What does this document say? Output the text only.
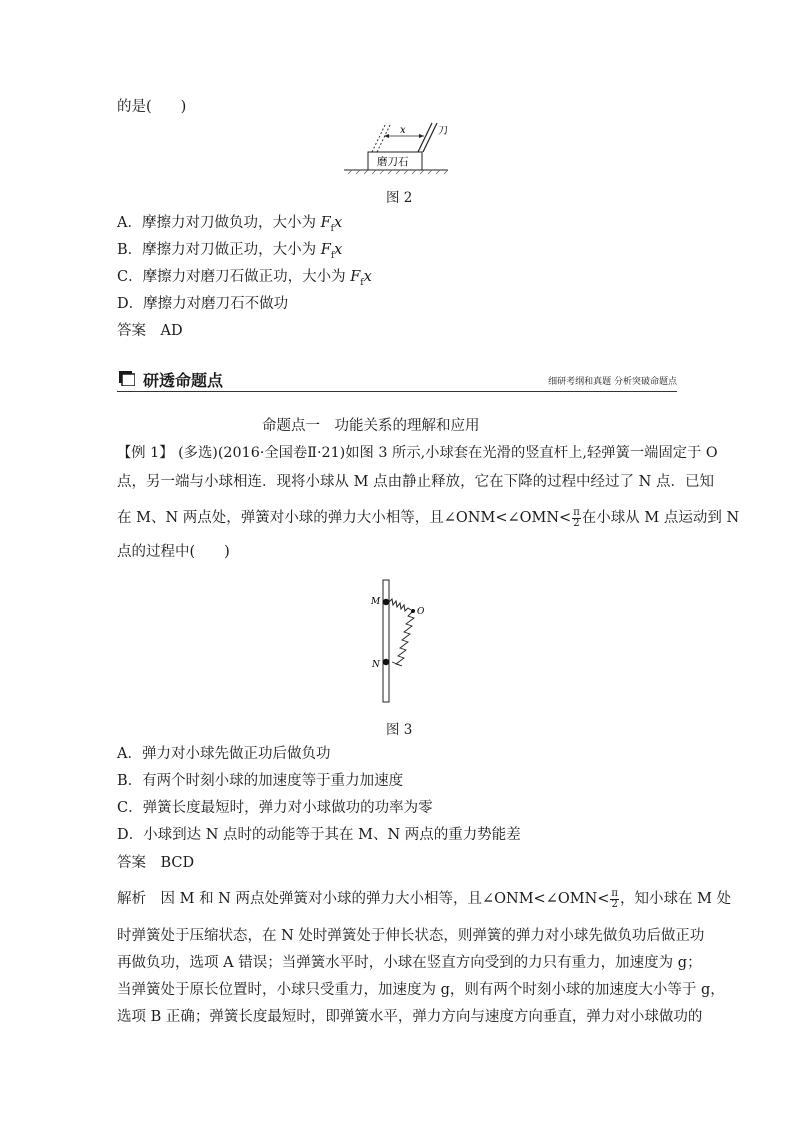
的是(　　)
x	刀
磨刀石
图 2
A．摩擦力对刀做负功，大小为 $F_fx$
B．摩擦力对刀做正功，大小为 $F_fx$
C．摩擦力对磨刀石做正功，大小为 $F_fx$
D．摩擦力对磨刀石不做功
答案　AD
研透命题点	细研考纲和真题 分析突破命题点
命题点一　功能关系的理解和应用
【例 1】 (多选)(2016·全国卷Ⅱ·21)如图 3 所示,小球套在光滑的竖直杆上,轻弹簧一端固定于 O
点，另一端与小球相连．现将小球从 M 点由静止释放，它在下降的过程中经过了 N 点．已知
在 M、N 两点处，弹簧对小球的弹力大小相等，且∠ONM<∠OMN< $\frac{\pi}{2}$ 在小球从 M 点运动到 N
点的过程中(　　)
M
O
N
图 3
A．弹力对小球先做正功后做负功
B．有两个时刻小球的加速度等于重力加速度
C．弹簧长度最短时，弹力对小球做功的功率为零
D．小球到达 N 点时的动能等于其在 M、N 两点的重力势能差
答案　BCD
解析　因 M 和 N 两点处弹簧对小球的弹力大小相等，且∠ONM<∠OMN< $\frac{\pi}{2}$ ，知小球在 M 处
时弹簧处于压缩状态，在 N 处时弹簧处于伸长状态，则弹簧的弹力对小球先做负功后做正功
再做负功，选项 A 错误；当弹簧水平时，小球在竖直方向受到的力只有重力，加速度为 g；
当弹簧处于原长位置时，小球只受重力，加速度为 g，则有两个时刻小球的加速度大小等于 g，
选项 B 正确；弹簧长度最短时，即弹簧水平，弹力方向与速度方向垂直，弹力对小球做功的
